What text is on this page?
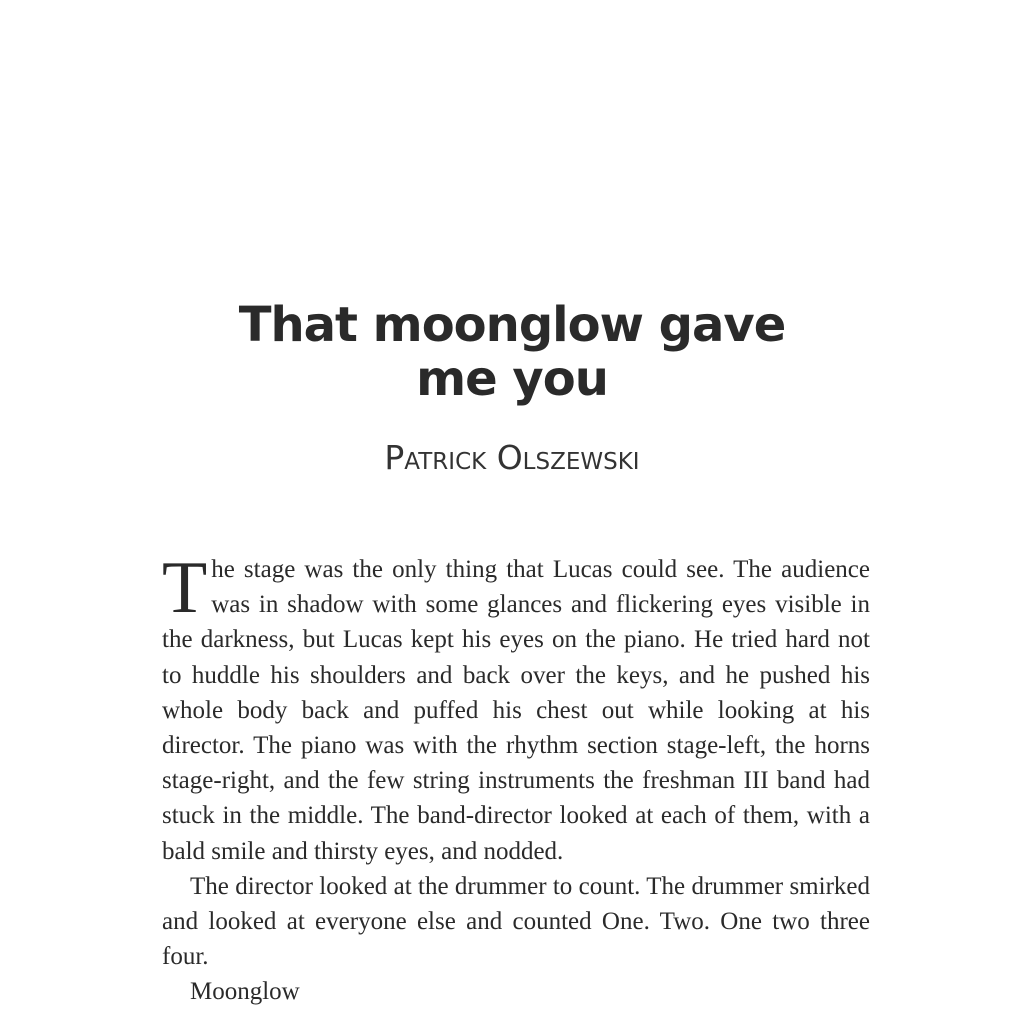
That moonglow gave
me you
Patrick Olszewski

The stage was the only thing that Lucas could see. The audience was in shadow with some glances and flickering eyes visible in the darkness, but Lucas kept his eyes on the piano. He tried hard not to huddle his shoulders and back over the keys, and he pushed his whole body back and puffed his chest out while looking at his director. The piano was with the rhythm section stage-left, the horns stage-right, and the few string instruments the freshman III band had stuck in the middle. The band-director looked at each of them, with a bald smile and thirsty eyes, and nodded.

The director looked at the drummer to count. The drummer smirked and looked at everyone else and counted One. Two. One two three four.

Moonglow
